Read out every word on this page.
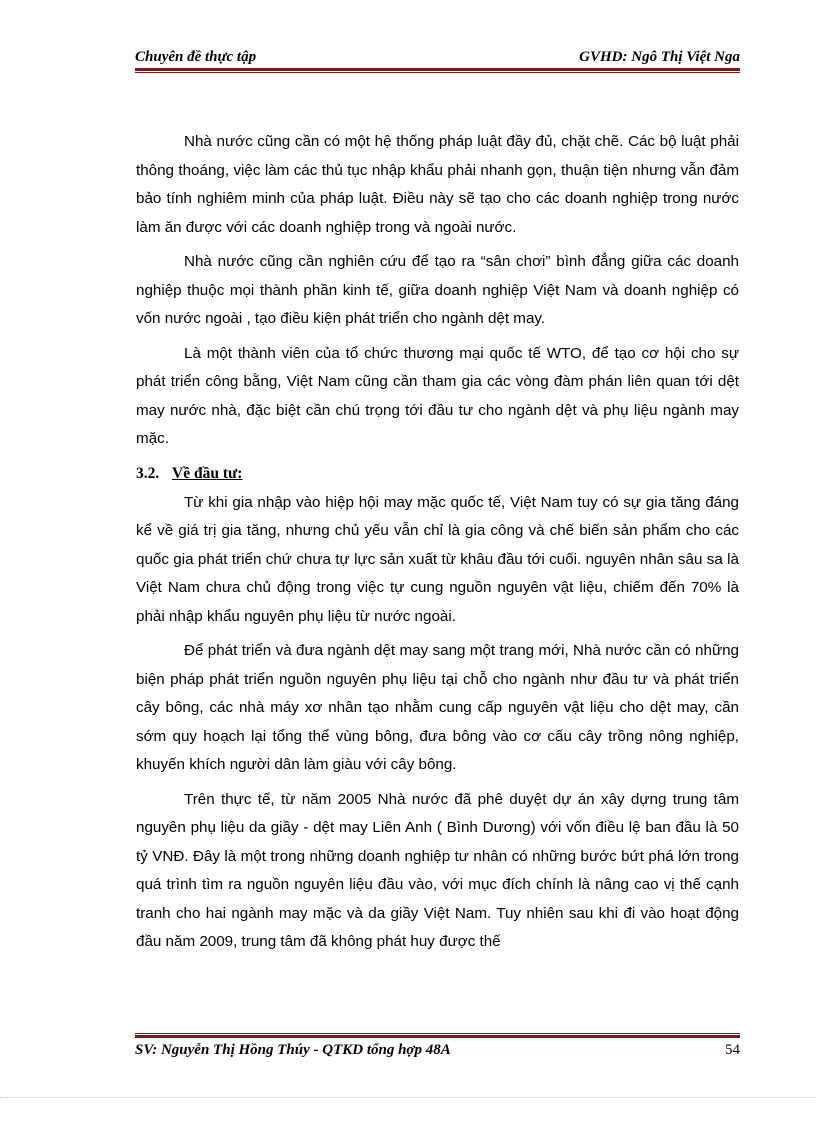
Chuyên đề thực tập	GVHD: Ngô Thị Việt Nga

Nhà nước cũng cần có một hệ thống pháp luật đầy đủ, chặt chẽ. Các bộ luật phải thông thoáng, việc làm các thủ tục nhập khẩu phải nhanh gọn, thuận tiện nhưng vẫn đảm bảo tính nghiêm minh của pháp luật. Điều này sẽ tạo cho các doanh nghiệp trong nước làm ăn được với các doanh nghiệp trong và ngoài nước.

Nhà nước cũng cần nghiên cứu để tạo ra “sân chơi” bình đẳng giữa các doanh nghiệp thuộc mọi thành phần kinh tế, giữa doanh nghiệp Việt Nam và doanh nghiệp có vốn nước ngoài , tạo điều kiện phát triển cho ngành dệt may.

Là một thành viên của tổ chức thương mại quốc tế WTO, để tạo cơ hội cho sự phát triển công bằng, Việt Nam cũng cần tham gia các vòng đàm phán liên quan tới dệt may nước nhà, đặc biệt cần chú trọng tới đầu tư cho ngành dệt và phụ liệu ngành may mặc.

3.2. Về đầu tư:

Từ khi gia nhập vào hiệp hội may mặc quốc tế, Việt Nam tuy có sự gia tăng đáng kể về giá trị gia tăng, nhưng chủ yếu vẫn chỉ là gia công và chế biến sản phẩm cho các quốc gia phát triển chứ chưa tự lực sản xuất từ khâu đầu tới cuối. nguyên nhân sâu sa là Việt Nam chưa chủ động trong việc tự cung nguồn nguyên vật liệu, chiếm đến 70% là phải nhập khẩu nguyên phụ liệu từ nước ngoài.

Để phát triển và đưa ngành dệt may sang một trang mới, Nhà nước cần có những biện pháp phát triển nguồn nguyên phụ liệu tại chỗ cho ngành như đầu tư và phát triển cây bông, các nhà máy xơ nhân tạo nhằm cung cấp nguyên vật liệu cho dệt may, cần sớm quy hoạch lại tổng thể vùng bông, đưa bông vào cơ cấu cây trồng nông nghiệp, khuyến khích người dân làm giàu với cây bông.

Trên thực tế, từ năm 2005 Nhà nước đã phê duyệt dự án xây dựng trung tâm nguyên phụ liệu da giầy - dệt may Liên Anh ( Bình Dương) với vốn điều lệ ban đầu là 50 tỷ VNĐ. Đây là một trong những doanh nghiệp tư nhân có những bước bứt phá lớn trong quá trình tìm ra nguồn nguyên liệu đầu vào, với mục đích chính là nâng cao vị thế cạnh tranh cho hai ngành may mặc và da giầy Việt Nam. Tuy nhiên sau khi đi vào hoạt động đầu năm 2009, trung tâm đã không phát huy được thế

SV: Nguyễn Thị Hồng Thúy - QTKD tổng hợp 48A	54
